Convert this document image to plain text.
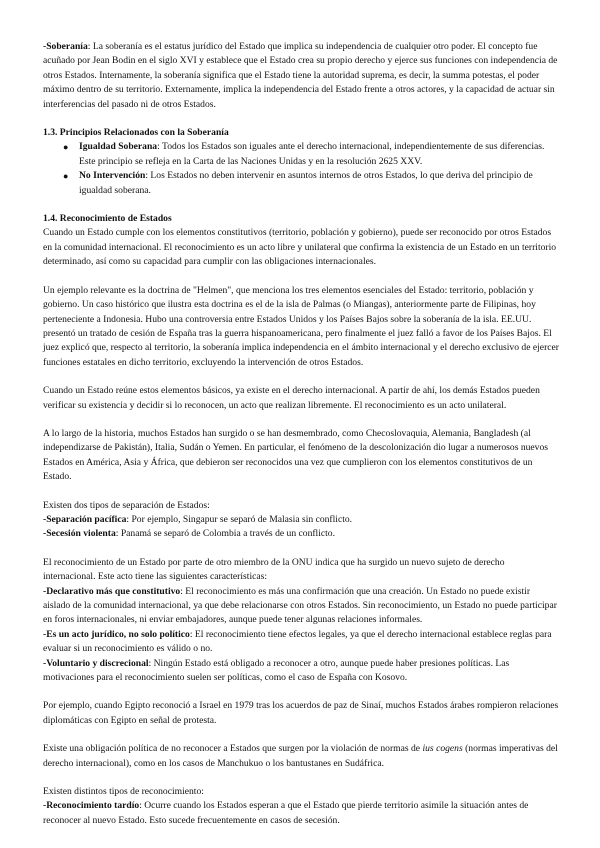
-Soberanía: La soberanía es el estatus jurídico del Estado que implica su independencia de cualquier otro poder. El concepto fue acuñado por Jean Bodin en el siglo XVI y establece que el Estado crea su propio derecho y ejerce sus funciones con independencia de otros Estados. Internamente, la soberanía significa que el Estado tiene la autoridad suprema, es decir, la summa potestas, el poder máximo dentro de su territorio. Externamente, implica la independencia del Estado frente a otros actores, y la capacidad de actuar sin interferencias del pasado ni de otros Estados.

1.3. Principios Relacionados con la Soberanía

● Igualdad Soberana: Todos los Estados son iguales ante el derecho internacional, independientemente de sus diferencias. Este principio se refleja en la Carta de las Naciones Unidas y en la resolución 2625 XXV.
● No Intervención: Los Estados no deben intervenir en asuntos internos de otros Estados, lo que deriva del principio de igualdad soberana.

1.4. Reconocimiento de Estados

Cuando un Estado cumple con los elementos constitutivos (territorio, población y gobierno), puede ser reconocido por otros Estados en la comunidad internacional. El reconocimiento es un acto libre y unilateral que confirma la existencia de un Estado en un territorio determinado, así como su capacidad para cumplir con las obligaciones internacionales.

Un ejemplo relevante es la doctrina de "Helmen", que menciona los tres elementos esenciales del Estado: territorio, población y gobierno. Un caso histórico que ilustra esta doctrina es el de la isla de Palmas (o Miangas), anteriormente parte de Filipinas, hoy perteneciente a Indonesia. Hubo una controversia entre Estados Unidos y los Países Bajos sobre la soberanía de la isla. EE.UU. presentó un tratado de cesión de España tras la guerra hispanoamericana, pero finalmente el juez falló a favor de los Países Bajos. El juez explicó que, respecto al territorio, la soberanía implica independencia en el ámbito internacional y el derecho exclusivo de ejercer funciones estatales en dicho territorio, excluyendo la intervención de otros Estados.

Cuando un Estado reúne estos elementos básicos, ya existe en el derecho internacional. A partir de ahí, los demás Estados pueden verificar su existencia y decidir si lo reconocen, un acto que realizan libremente. El reconocimiento es un acto unilateral.

A lo largo de la historia, muchos Estados han surgido o se han desmembrado, como Checoslovaquia, Alemania, Bangladesh (al independizarse de Pakistán), Italia, Sudán o Yemen. En particular, el fenómeno de la descolonización dio lugar a numerosos nuevos Estados en América, Asia y África, que debieron ser reconocidos una vez que cumplieron con los elementos constitutivos de un Estado.

Existen dos tipos de separación de Estados:

-Separación pacífica: Por ejemplo, Singapur se separó de Malasia sin conflicto.

-Secesión violenta: Panamá se separó de Colombia a través de un conflicto.

El reconocimiento de un Estado por parte de otro miembro de la ONU indica que ha surgido un nuevo sujeto de derecho internacional. Este acto tiene las siguientes características:

-Declarativo más que constitutivo: El reconocimiento es más una confirmación que una creación. Un Estado no puede existir aislado de la comunidad internacional, ya que debe relacionarse con otros Estados. Sin reconocimiento, un Estado no puede participar en foros internacionales, ni enviar embajadores, aunque puede tener algunas relaciones informales.

-Es un acto jurídico, no solo político: El reconocimiento tiene efectos legales, ya que el derecho internacional establece reglas para evaluar si un reconocimiento es válido o no.

-Voluntario y discrecional: Ningún Estado está obligado a reconocer a otro, aunque puede haber presiones políticas. Las motivaciones para el reconocimiento suelen ser políticas, como el caso de España con Kosovo.

Por ejemplo, cuando Egipto reconoció a Israel en 1979 tras los acuerdos de paz de Sinaí, muchos Estados árabes rompieron relaciones diplomáticas con Egipto en señal de protesta.

Existe una obligación política de no reconocer a Estados que surgen por la violación de normas de ius cogens (normas imperativas del derecho internacional), como en los casos de Manchukuo o los bantustanes en Sudáfrica.

Existen distintos tipos de reconocimiento:

-Reconocimiento tardío: Ocurre cuando los Estados esperan a que el Estado que pierde territorio asimile la situación antes de reconocer al nuevo Estado. Esto sucede frecuentemente en casos de secesión.
